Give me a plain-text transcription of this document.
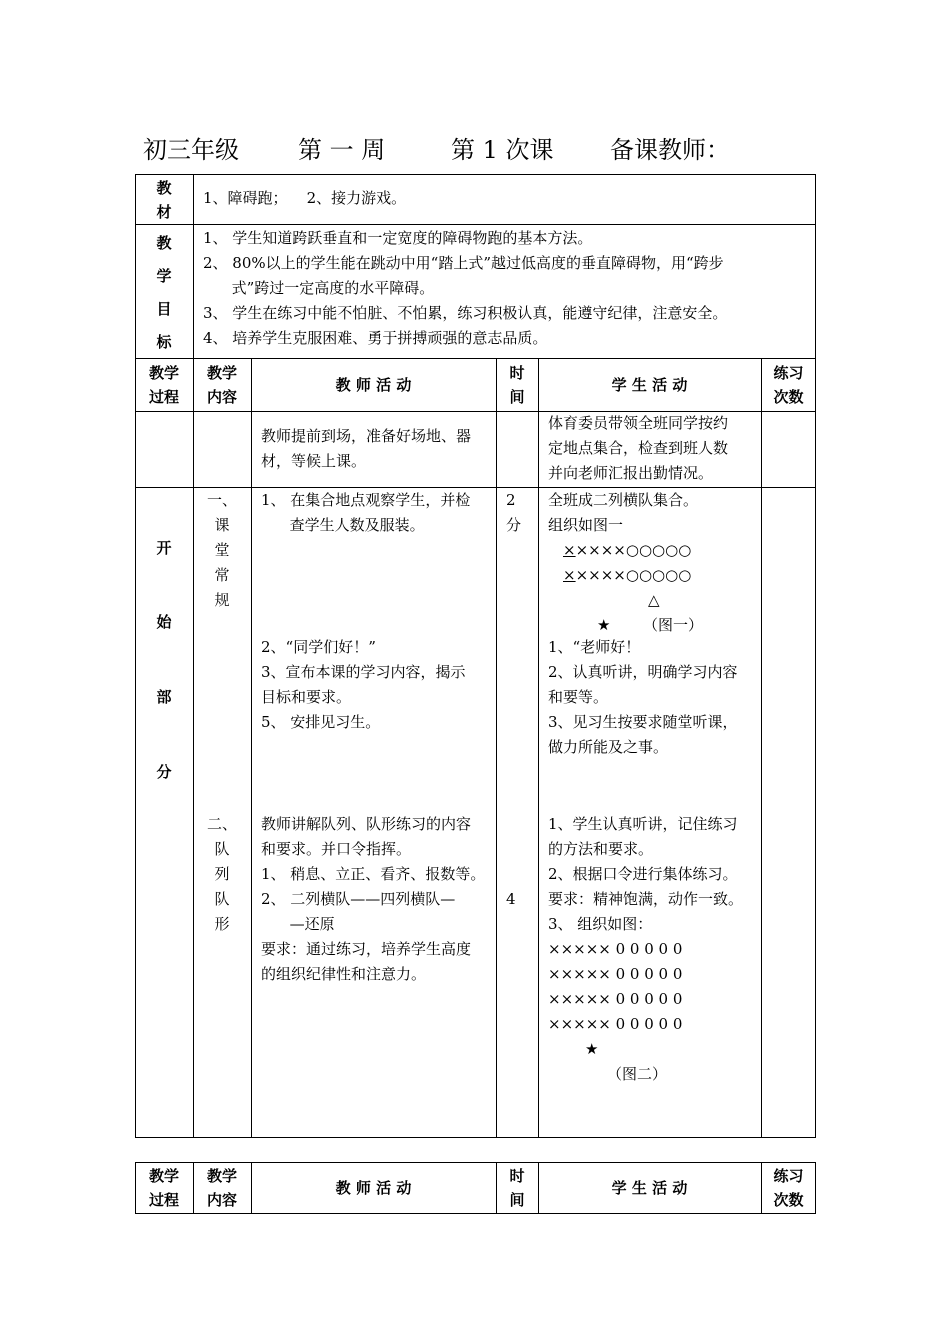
初三年级

第 一 周

	第 1 次课

备课教师：

教
材
1、障碍跑；    2、接力游戏。
教
学
目
标
1、 学生知道跨跃垂直和一定宽度的障碍物跑的基本方法。
2、 80%以上的学生能在跳动中用“踏上式”越过低高度的垂直障碍物，用“跨步
式”跨过一定高度的水平障碍。
3、 学生在练习中能不怕脏、不怕累，练习积极认真，能遵守纪律，注意安全。
4、 培养学生克服困难、勇于拼搏顽强的意志品质。
教学
过程
教学
内容
教 师 活 动
时
间
学 生 活 动
练习
次数
教师提前到场，准备好场地、器
材，等候上课。
体育委员带领全班同学按约
定地点集合，检查到班人数
并向老师汇报出勤情况。
开
始
部
分
一、
课
堂
常
规
1、 在集合地点观察学生，并检
查学生人数及服装。
2、“同学们好！”
3、宣布本课的学习内容，揭示
目标和要求。
5、 安排见习生。
2
分
全班成二列横队集合。
组织如图一
×××××○○○○○
×××××○○○○○
△
★ （图一）
1、“老师好！
2、认真听讲，明确学习内容
和要等。
3、见习生按要求随堂听课，
做力所能及之事。
二、
队
列
队
形
教师讲解队列、队形练习的内容
和要求。并口令指挥。
1、 稍息、立正、看齐、报数等。
2、 二列横队——四列横队—
—还原
要求：通过练习，培养学生高度
的组织纪律性和注意力。
4
1、学生认真听讲，记住练习
的方法和要求。
2、根据口令进行集体练习。
要求：精神饱满，动作一致。
3、 组织如图：
××××× 0 0 0 0 0
××××× 0 0 0 0 0
××××× 0 0 0 0 0
××××× 0 0 0 0 0
★
（图二）
教学
过程
教学
内容
教 师 活 动
时
间
学 生 活 动
练习
次数
